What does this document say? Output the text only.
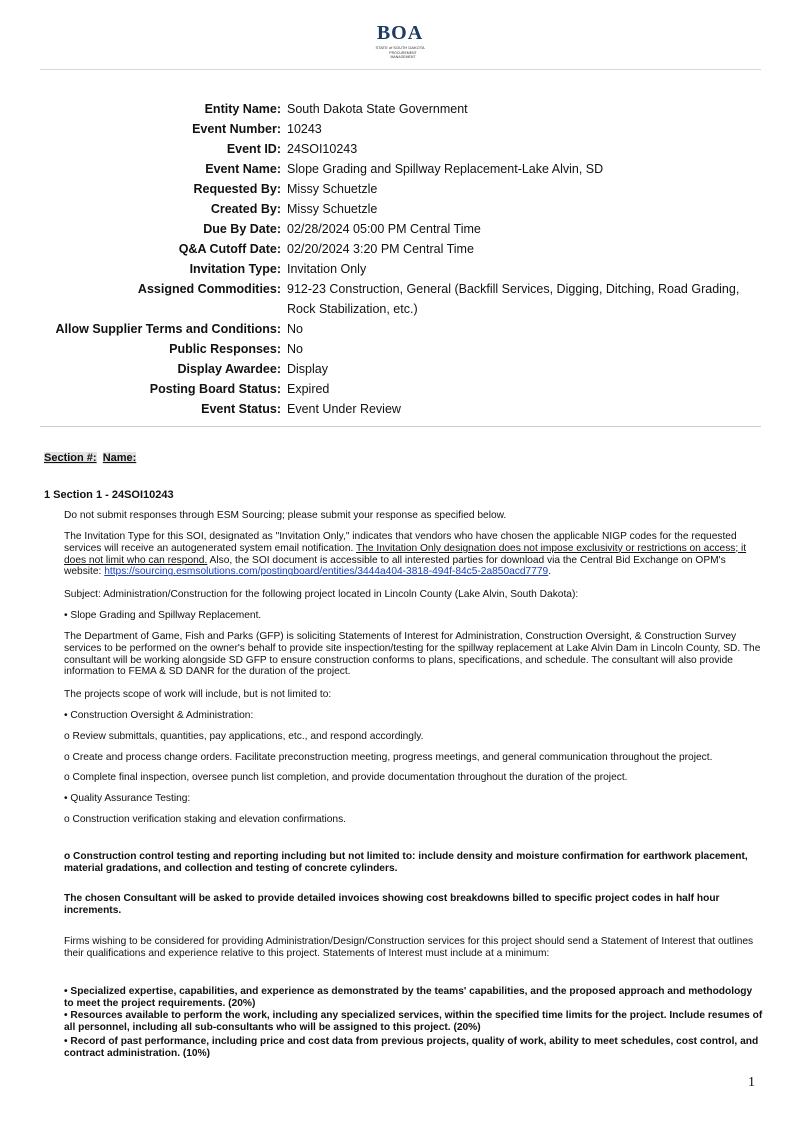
BOA
STATE of SOUTH DAKOTA
PROCUREMENT MANAGEMENT
Entity Name: South Dakota State Government
Event Number: 10243
Event ID: 24SOI10243
Event Name: Slope Grading and Spillway Replacement-Lake Alvin, SD
Requested By: Missy Schuetzle
Created By: Missy Schuetzle
Due By Date: 02/28/2024 05:00 PM Central Time
Q&A Cutoff Date: 02/20/2024 3:20 PM Central Time
Invitation Type: Invitation Only
Assigned Commodities: 912-23 Construction, General (Backfill Services, Digging, Ditching, Road Grading, Rock Stabilization, etc.)
Allow Supplier Terms and Conditions: No
Public Responses: No
Display Awardee: Display
Posting Board Status: Expired
Event Status: Event Under Review
Section #: Name:
1 Section 1 - 24SOI10243
Do not submit responses through ESM Sourcing; please submit your response as specified below.
The Invitation Type for this SOI, designated as "Invitation Only," indicates that vendors who have chosen the applicable NIGP codes for the requested services will receive an autogenerated system email notification. The Invitation Only designation does not impose exclusivity or restrictions on access; it does not limit who can respond. Also, the SOI document is accessible to all interested parties for download via the Central Bid Exchange on OPM's website: https://sourcing.esmsolutions.com/postingboard/entities/3444a404-3818-494f-84c5-2a850acd7779.
Subject: Administration/Construction for the following project located in Lincoln County (Lake Alvin, South Dakota):
• Slope Grading and Spillway Replacement.
The Department of Game, Fish and Parks (GFP) is soliciting Statements of Interest for Administration, Construction Oversight, & Construction Survey services to be performed on the owner's behalf to provide site inspection/testing for the spillway replacement at Lake Alvin Dam in Lincoln County, SD. The consultant will be working alongside SD GFP to ensure construction conforms to plans, specifications, and schedule. The consultant will also provide information to FEMA & SD DANR for the duration of the project.
The projects scope of work will include, but is not limited to:
• Construction Oversight & Administration:
o Review submittals, quantities, pay applications, etc., and respond accordingly.
o Create and process change orders. Facilitate preconstruction meeting, progress meetings, and general communication throughout the project.
o Complete final inspection, oversee punch list completion, and provide documentation throughout the duration of the project.
• Quality Assurance Testing:
o Construction verification staking and elevation confirmations.
o Construction control testing and reporting including but not limited to: include density and moisture confirmation for earthwork placement, material gradations, and collection and testing of concrete cylinders.
The chosen Consultant will be asked to provide detailed invoices showing cost breakdowns billed to specific project codes in half hour increments.
Firms wishing to be considered for providing Administration/Design/Construction services for this project should send a Statement of Interest that outlines their qualifications and experience relative to this project. Statements of Interest must include at a minimum:
• Specialized expertise, capabilities, and experience as demonstrated by the teams' capabilities, and the proposed approach and methodology to meet the project requirements. (20%)
• Resources available to perform the work, including any specialized services, within the specified time limits for the project. Include resumes of all personnel, including all sub-consultants who will be assigned to this project. (20%)
• Record of past performance, including price and cost data from previous projects, quality of work, ability to meet schedules, cost control, and contract administration. (10%)
1
